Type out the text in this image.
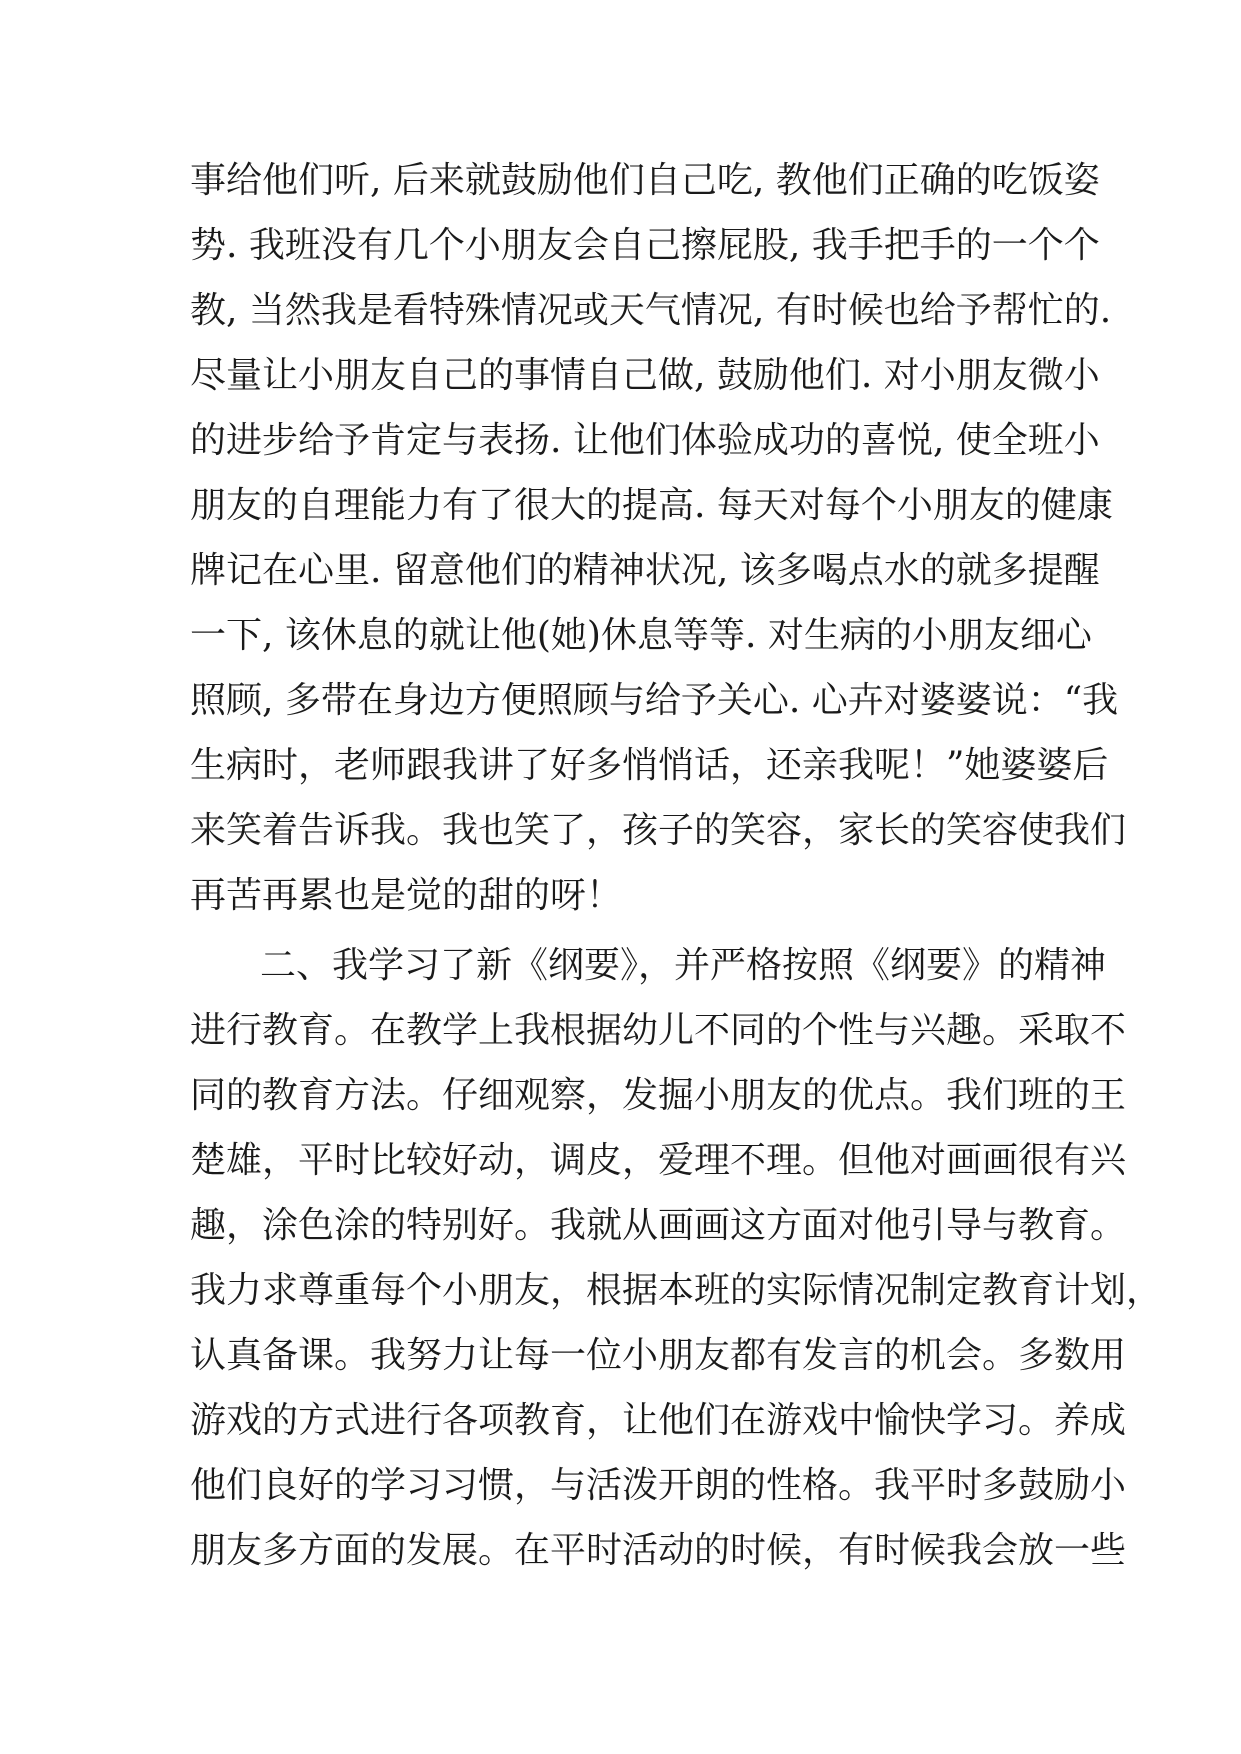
事给他们听, 后来就鼓励他们自己吃, 教他们正确的吃饭姿
势. 我班没有几个小朋友会自己擦屁股, 我手把手的一个个
教, 当然我是看特殊情况或天气情况, 有时候也给予帮忙的.
尽量让小朋友自己的事情自己做, 鼓励他们. 对小朋友微小
的进步给予肯定与表扬. 让他们体验成功的喜悦, 使全班小
朋友的自理能力有了很大的提高. 每天对每个小朋友的健康
牌记在心里. 留意他们的精神状况, 该多喝点水的就多提醒
一下, 该休息的就让他(她)休息等等. 对生病的小朋友细心
照顾, 多带在身边方便照顾与给予关心. 心卉对婆婆说：“我
生病时，老师跟我讲了好多悄悄话，还亲我呢！”她婆婆后
来笑着告诉我。我也笑了，孩子的笑容，家长的笑容使我们
再苦再累也是觉的甜的呀！
二、我学习了新《纲要》，并严格按照《纲要》的精神
进行教育。在教学上我根据幼儿不同的个性与兴趣。采取不
同的教育方法。仔细观察，发掘小朋友的优点。我们班的王
楚雄，平时比较好动，调皮，爱理不理。但他对画画很有兴
趣，涂色涂的特别好。我就从画画这方面对他引导与教育。
我力求尊重每个小朋友，根据本班的实际情况制定教育计划，
认真备课。我努力让每一位小朋友都有发言的机会。多数用
游戏的方式进行各项教育，让他们在游戏中愉快学习。养成
他们良好的学习习惯，与活泼开朗的性格。我平时多鼓励小
朋友多方面的发展。在平时活动的时候，有时候我会放一些
